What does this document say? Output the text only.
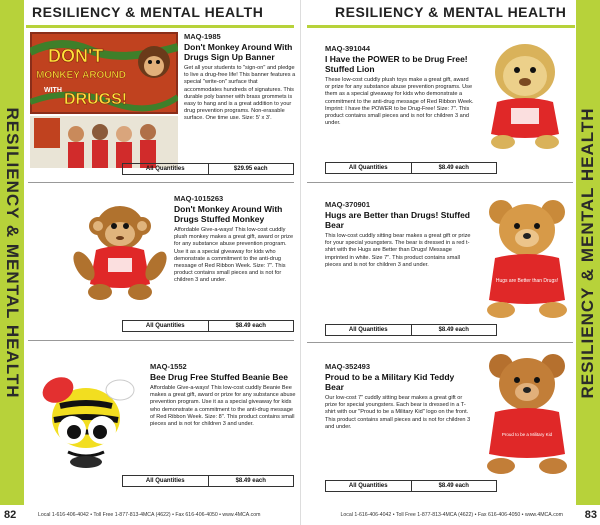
RESILIENCY & MENTAL HEALTH
RESILIENCY & MENTAL HEALTH
DON'T
MONKEY AROUND
WITH
DRUGS!
MAQ-1985
Don't Monkey Around With Drugs Sign Up Banner
Get all your students to "sign-on" and pledge to live a drug-free life! This banner features a special "write-on" surface that accommodates hundreds of signatures. This durable poly banner with brass grommets is easy to hang and is a great addition to your drug prevention programs. Non-erasable surface. One time use. Size: 5' x 3'.
All Quantities	$29.95 each
MAQ-1015263
Don't Monkey Around With Drugs Stuffed Monkey
Affordable Give-a-ways! This low-cost cuddly plush monkey makes a great gift, award or prize for any substance abuse prevention program. Use it as a special giveaway for kids who demonstrate a commitment to the anti-drug message of Red Ribbon Week. Size: 7". This product contains small pieces and is not for children 3 and under.
All Quantities	$8.49 each
MAQ-1552
Bee Drug Free Stuffed Beanie Bee
Affordable Give-a-ways! This low-cost cuddly Beanie Bee makes a great gift, award or prize for any substance abuse prevention program. Use it as a special giveaway for kids who demonstrate a commitment to the anti-drug message of Red Ribbon Week. Size: 8". This product contains small pieces and is not for children 3 and under.
All Quantities	$8.49 each
82	Local 1-616-406-4042 • Toll Free 1-877-813-4MCA (4622) • Fax 616-406-4050 • www.4MCA.com
RESILIENCY & MENTAL HEALTH
RESILIENCY & MENTAL HEALTH
MAQ-391044
I Have the POWER to be Drug Free! Stuffed Lion
These low-cost cuddly plush toys make a great gift, award or prize for any substance abuse prevention programs. Use them as a special giveaway for kids who demonstrate a commitment to the anti-drug message of Red Ribbon Week. Imprint: I have the POWER to be Drug-Free! Size: 7". This product contains small pieces and is not for children 3 and under.
All Quantities	$8.49 each
MAQ-370901
Hugs are Better than Drugs! Stuffed Bear
This low-cost cuddly sitting bear makes a great gift or prize for your special youngsters. The bear is dressed in a red t-shirt with the Hugs are Better than Drugs! Message imprinted in white. Size 7". This product contains small pieces and is not for children 3 and under.
Hugs are Better than Drugs!
All Quantities	$8.49 each
MAQ-352493
Proud to be a Military Kid Teddy Bear
Our low-cost 7" cuddly sitting bear makes a great gift or prize for special youngsters. Each bear is dressed in a T-shirt with our "Proud to be a Military Kid" logo on the front. This product contains small pieces and is not for children 3 and under.
Proud to be a Military Kid
All Quantities	$8.49 each
Local 1-616-406-4042 • Toll Free 1-877-813-4MCA (4622) • Fax 616-406-4050 • www.4MCA.com	83
